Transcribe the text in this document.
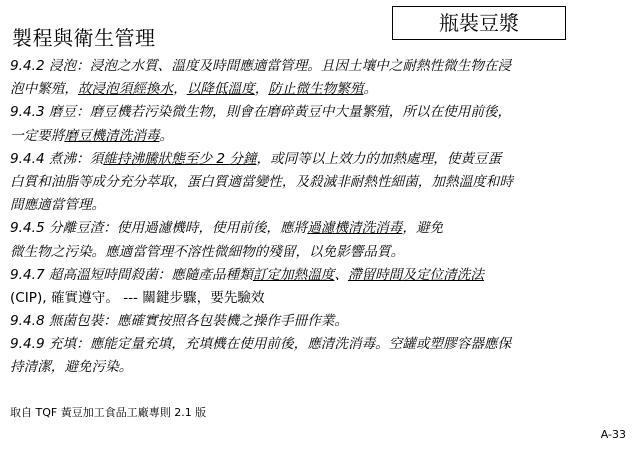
製程與衛生管理
瓶裝豆漿
9.4.2 浸泡：浸泡之水質、溫度及時間應適當管理。且因土壤中之耐熱性微生物在浸
泡中繁殖，故浸泡須經換水，以降低溫度，防止微生物繁殖。
9.4.3 磨豆：磨豆機若污染微生物，則會在磨碎黃豆中大量繁殖，所以在使用前後，
一定要將磨豆機清洗消毒。
9.4.4 煮沸：須維持沸騰狀態至少 2 分鐘，或同等以上效力的加熱處理，使黃豆蛋
白質和油脂等成分充分萃取，蛋白質適當變性，及殺滅非耐熱性細菌，加熱溫度和時
間應適當管理。
9.4.5 分離豆渣：使用過濾機時，使用前後，應將過濾機清洗消毒，避免
微生物之污染。應適當管理不溶性微細物的殘留，以免影響品質。
9.4.7 超高溫短時間殺菌：應隨產品種類訂定加熱溫度、滯留時間及定位清洗法
(CIP), 確實遵守。 --- 關鍵步驟，要先驗效
9.4.8 無菌包裝：應確實按照各包裝機之操作手冊作業。
9.4.9 充填：應能定量充填，充填機在使用前後，應清洗消毒。空罐或塑膠容器應保
持清潔，避免污染。
取自 TQF 黃豆加工食品工廠專則 2.1 版
A-33
